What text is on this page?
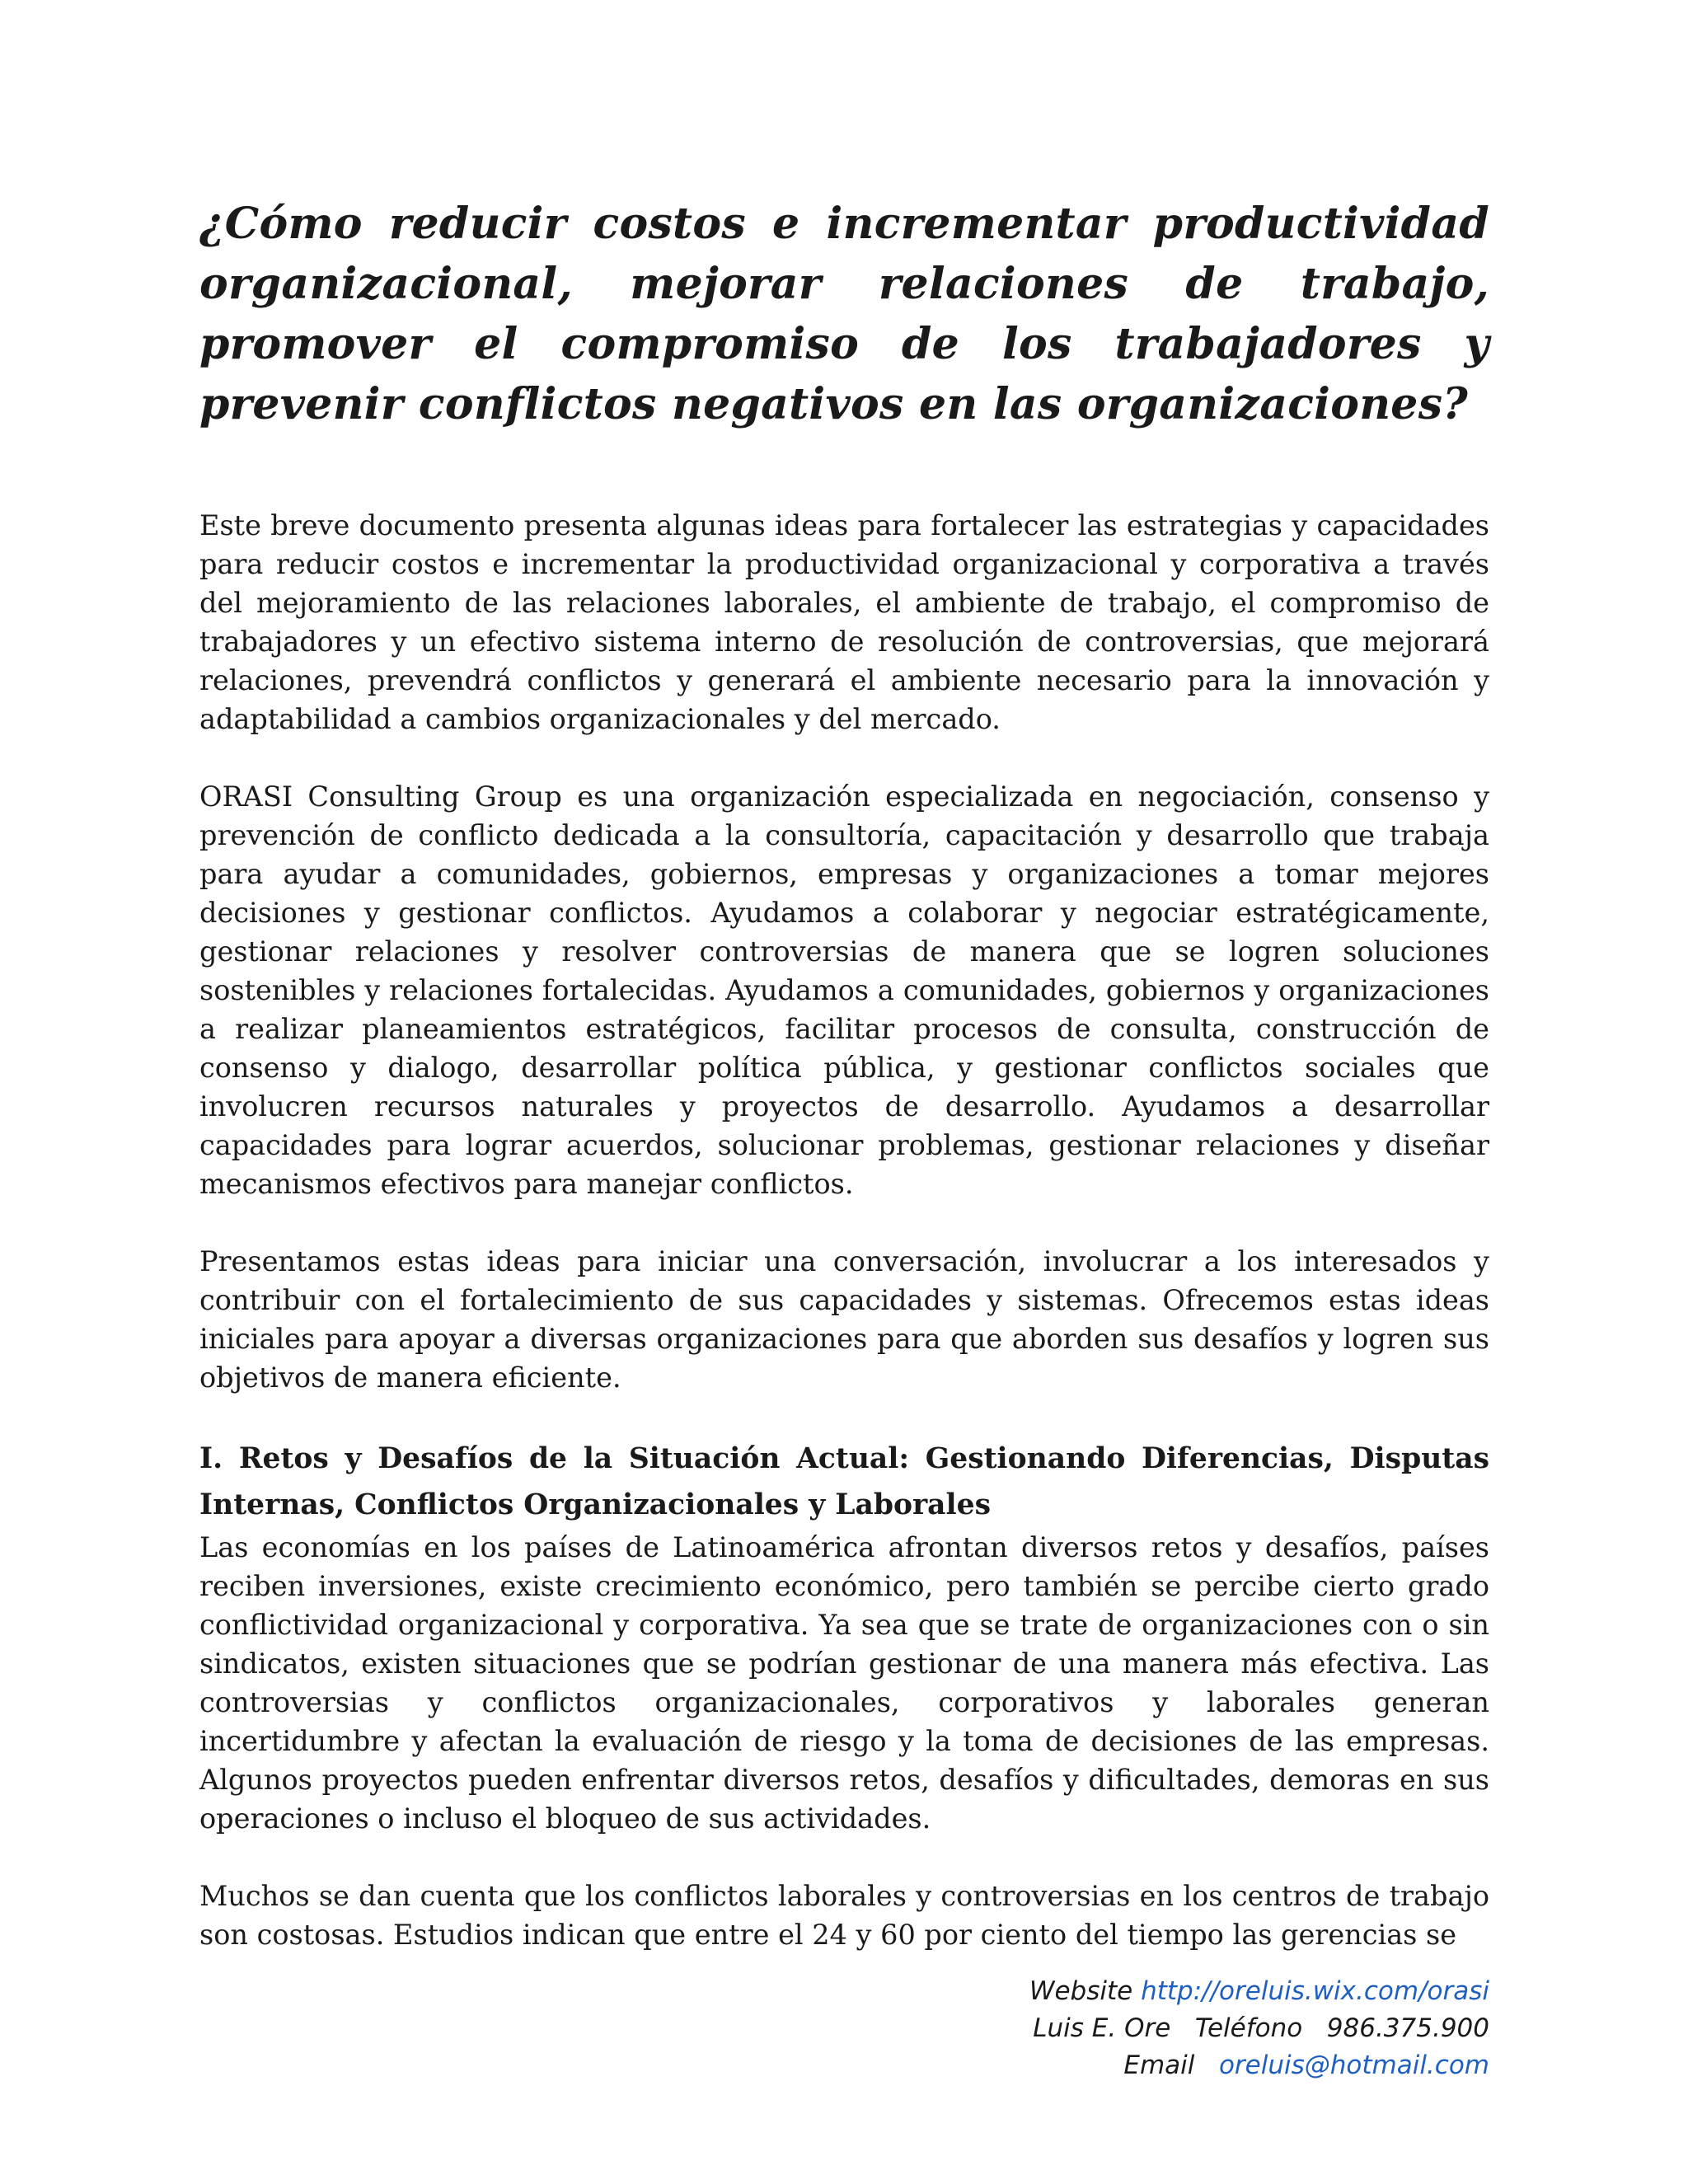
¿Cómo reducir costos e incrementar productividad organizacional, mejorar relaciones de trabajo, promover el compromiso de los trabajadores y prevenir conflictos negativos en las organizaciones?

Este breve documento presenta algunas ideas para fortalecer las estrategias y capacidades para reducir costos e incrementar la productividad organizacional y corporativa a través del mejoramiento de las relaciones laborales, el ambiente de trabajo, el compromiso de trabajadores y un efectivo sistema interno de resolución de controversias, que mejorará relaciones, prevendrá conflictos y generará el ambiente necesario para la innovación y adaptabilidad a cambios organizacionales y del mercado.

ORASI Consulting Group es una organización especializada en negociación, consenso y prevención de conflicto dedicada a la consultoría, capacitación y desarrollo que trabaja para ayudar a comunidades, gobiernos, empresas y organizaciones a tomar mejores decisiones y gestionar conflictos. Ayudamos a colaborar y negociar estratégicamente, gestionar relaciones y resolver controversias de manera que se logren soluciones sostenibles y relaciones fortalecidas. Ayudamos a comunidades, gobiernos y organizaciones a realizar planeamientos estratégicos, facilitar procesos de consulta, construcción de consenso y dialogo, desarrollar política pública, y gestionar conflictos sociales que involucren recursos naturales y proyectos de desarrollo. Ayudamos a desarrollar capacidades para lograr acuerdos, solucionar problemas, gestionar relaciones y diseñar mecanismos efectivos para manejar conflictos.

Presentamos estas ideas para iniciar una conversación, involucrar a los interesados y contribuir con el fortalecimiento de sus capacidades y sistemas. Ofrecemos estas ideas iniciales para apoyar a diversas organizaciones para que aborden sus desafíos y logren sus objetivos de manera eficiente.

I. Retos y Desafíos de la Situación Actual: Gestionando Diferencias, Disputas Internas, Conflictos Organizacionales y Laborales

Las economías en los países de Latinoamérica afrontan diversos retos y desafíos, países reciben inversiones, existe crecimiento económico, pero también se percibe cierto grado conflictividad organizacional y corporativa. Ya sea que se trate de organizaciones con o sin sindicatos, existen situaciones que se podrían gestionar de una manera más efectiva. Las controversias y conflictos organizacionales, corporativos y laborales generan incertidumbre y afectan la evaluación de riesgo y la toma de decisiones de las empresas. Algunos proyectos pueden enfrentar diversos retos, desafíos y dificultades, demoras en sus operaciones o incluso el bloqueo de sus actividades.

Muchos se dan cuenta que los conflictos laborales y controversias en los centros de trabajo son costosas. Estudios indican que entre el 24 y 60 por ciento del tiempo las gerencias se

Website http://oreluis.wix.com/orasi
Luis E. Ore Teléfono 986.375.900
Email oreluis@hotmail.com
